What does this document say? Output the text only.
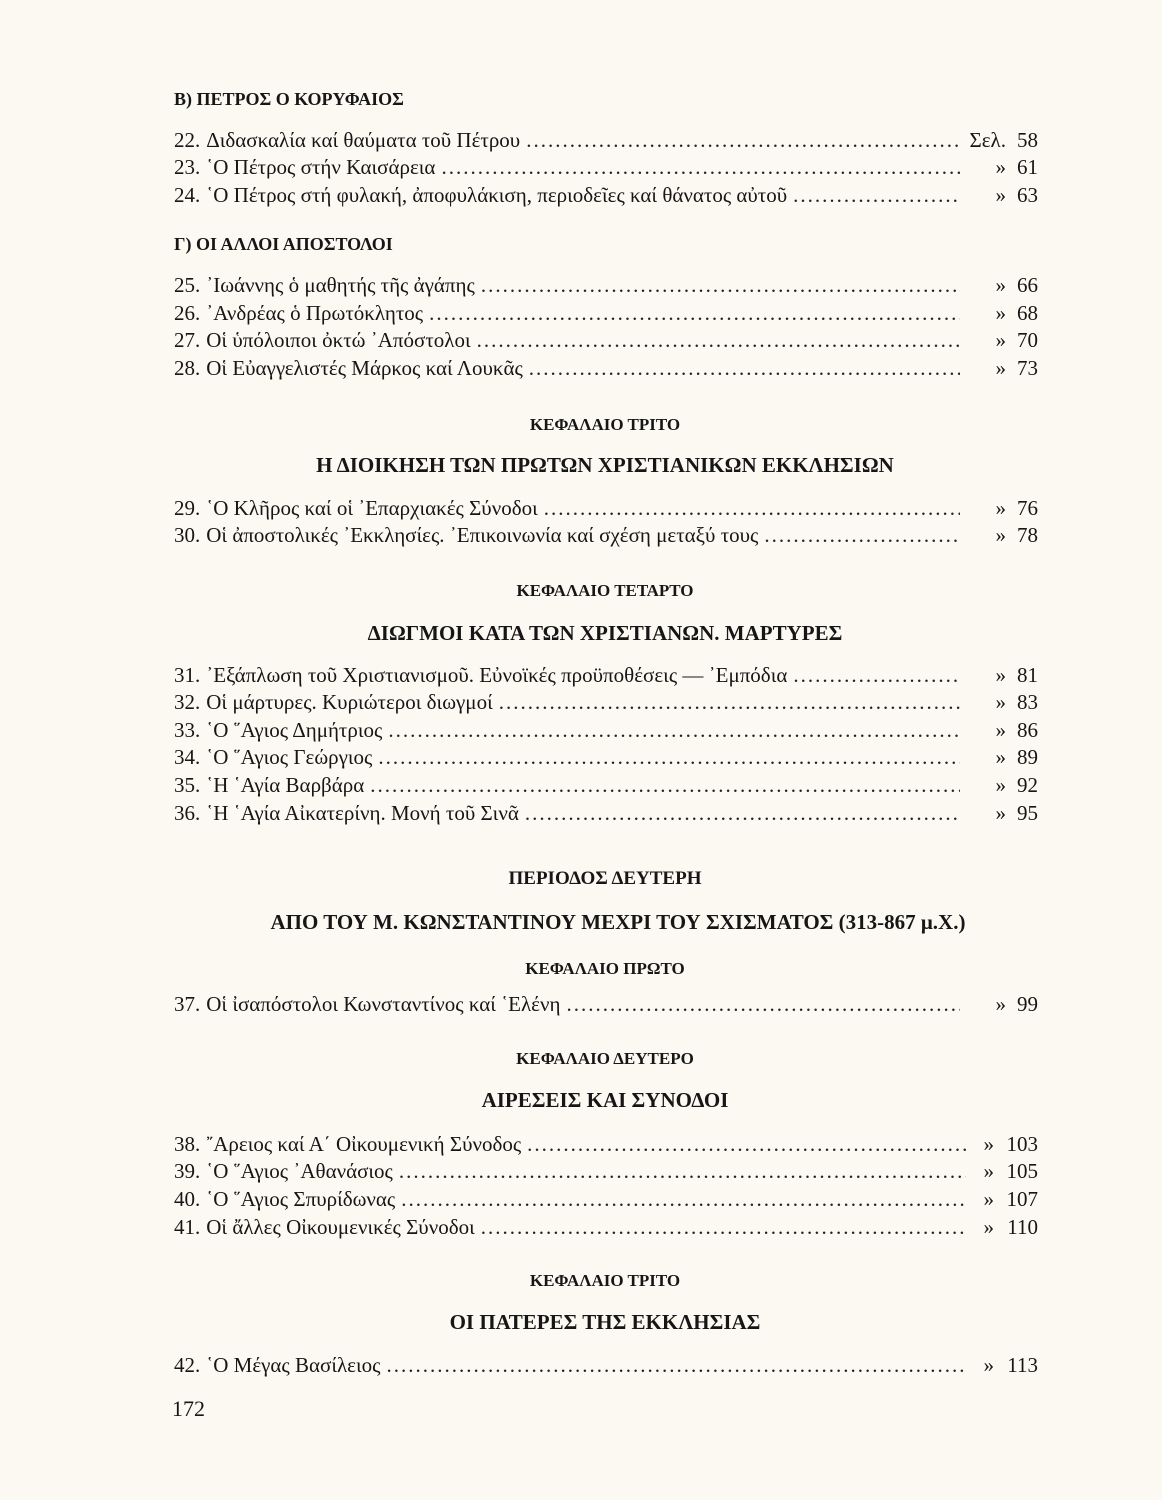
B) ΠΕΤΡΟΣ Ο ΚΟΡΥΦΑΙΟΣ
22. Διδασκαλία καί θαύματα τοῦ Πέτρου .....	Σελ. 58
23. ῾Ο Πέτρος στήν Καισάρεια .....	» 61
24. ῾Ο Πέτρος στή φυλακή, ἀποφυλάκιση, περιοδεῖες καί θάνατος αὐτοῦ .....	» 63
Γ) ΟΙ ΑΛΛΟΙ ΑΠΟΣΤΟΛΟΙ
25. ᾿Ιωάννης ὁ μαθητής τῆς ἀγάπης .....	» 66
26. ᾿Ανδρέας ὁ Πρωτόκλητος .....	» 68
27. Οἱ ὑπόλοιποι ὀκτώ ᾿Απόστολοι .....	» 70
28. Οἱ Εὐαγγελιστές Μάρκος καί Λουκᾶς .....	» 73
ΚΕΦΑΛΑΙΟ ΤΡΙΤΟ
Η ΔΙΟΙΚΗΣΗ ΤΩΝ ΠΡΩΤΩΝ ΧΡΙΣΤΙΑΝΙΚΩΝ ΕΚΚΛΗΣΙΩΝ
29. ῾Ο Κλῆρος καί οἱ ᾿Επαρχιακές Σύνοδοι .....	» 76
30. Οἱ ἀποστολικές ᾿Εκκλησίες. ᾿Επικοινωνία καί σχέση μεταξύ τους .....	» 78
ΚΕΦΑΛΑΙΟ ΤΕΤΑΡΤΟ
ΔΙΩΓΜΟΙ ΚΑΤΑ ΤΩΝ ΧΡΙΣΤΙΑΝΩΝ. ΜΑΡΤΥΡΕΣ
31. ᾿Εξάπλωση τοῦ Χριστιανισμοῦ. Εὐνοϊκές προϋποθέσεις — ᾿Εμπόδια .....	» 81
32. Οἱ μάρτυρες. Κυριώτεροι διωγμοί .....	» 83
33. ῾Ο ῞Αγιος Δημήτριος .....	» 86
34. ῾Ο ῞Αγιος Γεώργιος .....	» 89
35. ῾Η ῾Αγία Βαρβάρα .....	» 92
36. ῾Η ῾Αγία Αἰκατερίνη. Μονή τοῦ Σινᾶ .....	» 95
ΠΕΡΙΟΔΟΣ ΔΕΥΤΕΡΗ
ΑΠΟ ΤΟΥ Μ. ΚΩΝΣΤΑΝΤΙΝΟΥ ΜΕΧΡΙ ΤΟΥ ΣΧΙΣΜΑΤΟΣ (313-867 μ.Χ.)
ΚΕΦΑΛΑΙΟ ΠΡΩΤΟ
37. Οἱ ἰσαπόστολοι Κωνσταντίνος καί ῾Ελένη .....	» 99
ΚΕΦΑΛΑΙΟ ΔΕΥΤΕΡΟ
ΑΙΡΕΣΕΙΣ ΚΑΙ ΣΥΝΟΔΟΙ
38. ῎Αρειος καί Α΄ Οἰκουμενική Σύνοδος .....	» 103
39. ῾Ο ῞Αγιος ᾿Αθανάσιος .....	» 105
40. ῾Ο ῞Αγιος Σπυρίδωνας .....	» 107
41. Οἱ ἄλλες Οἰκουμενικές Σύνοδοι .....	» 110
ΚΕΦΑΛΑΙΟ ΤΡΙΤΟ
ΟΙ ΠΑΤΕΡΕΣ ΤΗΣ ΕΚΚΛΗΣΙΑΣ
42. ῾Ο Μέγας Βασίλειος .....	» 113
172
